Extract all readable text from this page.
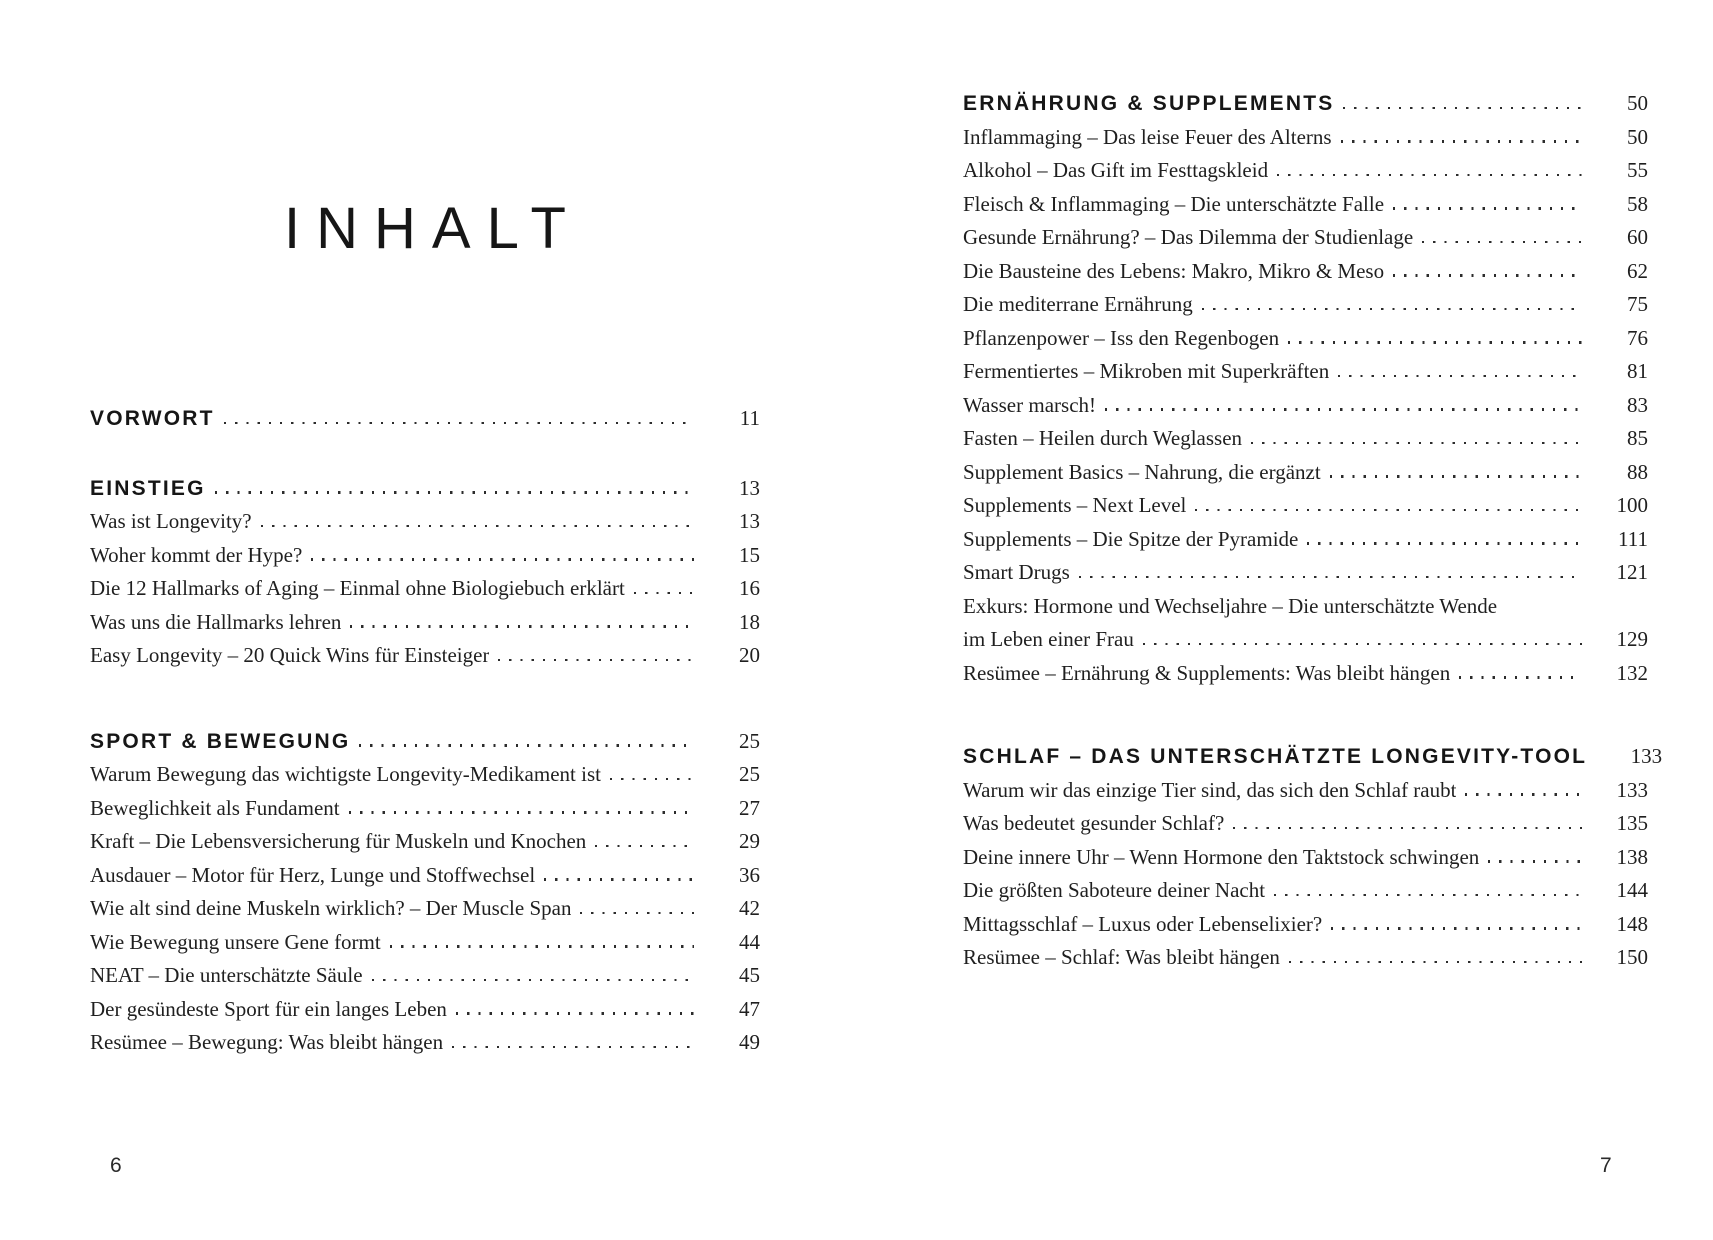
INHALT
VORWORT	11
EINSTIEG	13
Was ist Longevity?	13
Woher kommt der Hype?	15
Die 12 Hallmarks of Aging – Einmal ohne Biologiebuch erklärt	16
Was uns die Hallmarks lehren	18
Easy Longevity – 20 Quick Wins für Einsteiger	20
SPORT & BEWEGUNG	25
Warum Bewegung das wichtigste Longevity-Medikament ist	25
Beweglichkeit als Fundament	27
Kraft – Die Lebensversicherung für Muskeln und Knochen	29
Ausdauer – Motor für Herz, Lunge und Stoffwechsel	36
Wie alt sind deine Muskeln wirklich? – Der Muscle Span	42
Wie Bewegung unsere Gene formt	44
NEAT – Die unterschätzte Säule	45
Der gesündeste Sport für ein langes Leben	47
Resümee – Bewegung: Was bleibt hängen	49
ERNÄHRUNG & SUPPLEMENTS	50
Inflammaging – Das leise Feuer des Alterns	50
Alkohol – Das Gift im Festtagskleid	55
Fleisch & Inflammaging – Die unterschätzte Falle	58
Gesunde Ernährung? – Das Dilemma der Studienlage	60
Die Bausteine des Lebens: Makro, Mikro & Meso	62
Die mediterrane Ernährung	75
Pflanzenpower – Iss den Regenbogen	76
Fermentiertes – Mikroben mit Superkräften	81
Wasser marsch!	83
Fasten – Heilen durch Weglassen	85
Supplement Basics – Nahrung, die ergänzt	88
Supplements – Next Level	100
Supplements – Die Spitze der Pyramide	111
Smart Drugs	121
Exkurs: Hormone und Wechseljahre – Die unterschätzte Wende
im Leben einer Frau	129
Resümee – Ernährung & Supplements: Was bleibt hängen	132
SCHLAF – DAS UNTERSCHÄTZTE LONGEVITY-TOOL	133
Warum wir das einzige Tier sind, das sich den Schlaf raubt	133
Was bedeutet gesunder Schlaf?	135
Deine innere Uhr – Wenn Hormone den Taktstock schwingen	138
Die größten Saboteure deiner Nacht	144
Mittagsschlaf – Luxus oder Lebenselixier?	148
Resümee – Schlaf: Was bleibt hängen	150
6	7
